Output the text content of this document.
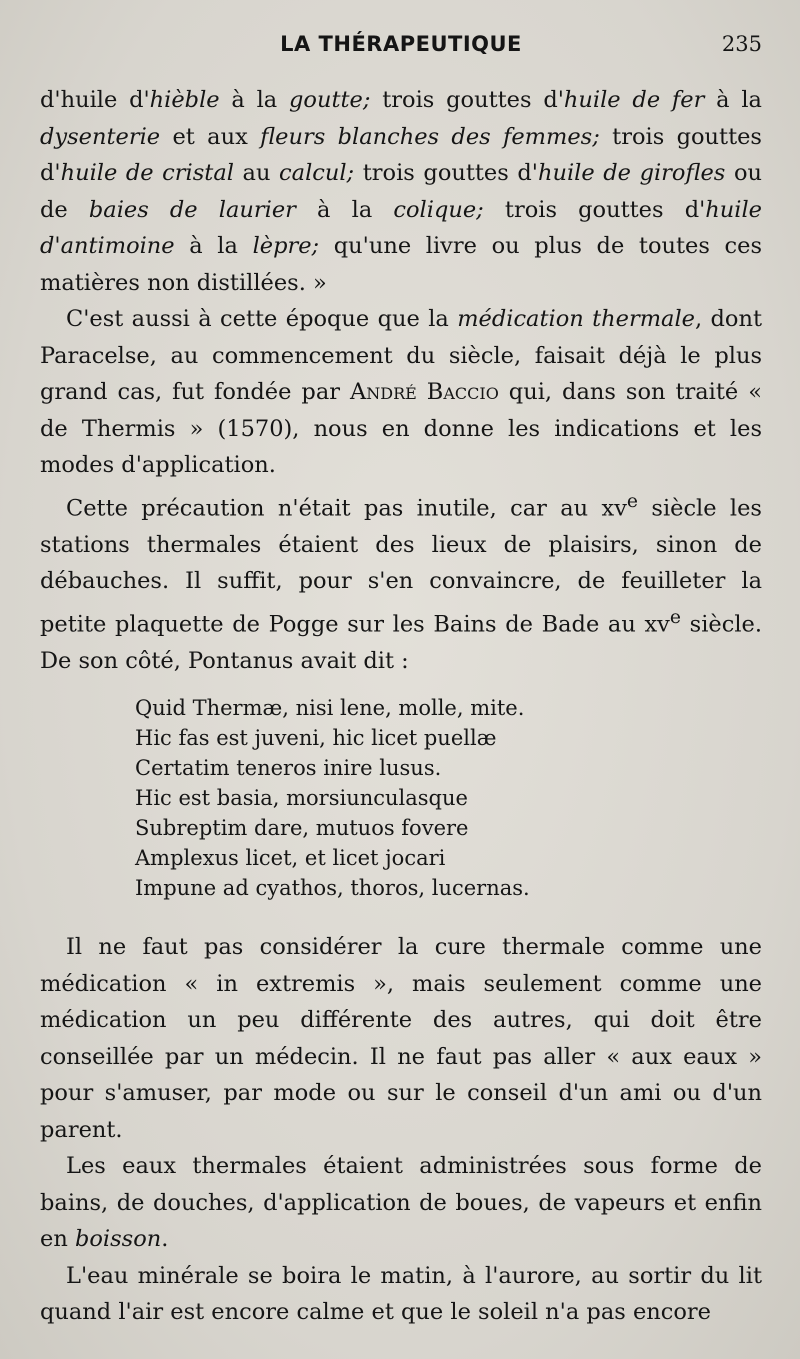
LA THÉRAPEUTIQUE	235

d'huile d'hièble à la goutte; trois gouttes d'huile de fer à la dysenterie et aux fleurs blanches des femmes; trois gouttes d'huile de cristal au calcul; trois gouttes d'huile de girofles ou de baies de laurier à la colique; trois gouttes d'huile d'antimoine à la lèpre; qu'une livre ou plus de toutes ces matières non distillées. »

C'est aussi à cette époque que la médication thermale, dont Paracelse, au commencement du siècle, faisait déjà le plus grand cas, fut fondée par André Baccio qui, dans son traité « de Thermis » (1570), nous en donne les indications et les modes d'application.

Cette précaution n'était pas inutile, car au $xv^e$ siècle les stations thermales étaient des lieux de plaisirs, sinon de débauches. Il suffit, pour s'en convaincre, de feuilleter la petite plaquette de Pogge sur les Bains de Bade au $xv^e$ siècle. De son côté, Pontanus avait dit :

Quid Thermæ, nisi lene, molle, mite.
Hic fas est juveni, hic licet puellæ
Certatim teneros inire lusus.
Hic est basia, morsiunculasque
Subreptim dare, mutuos fovere
Amplexus licet, et licet jocari
Impune ad cyathos, thoros, lucernas.

Il ne faut pas considérer la cure thermale comme une médication « in extremis », mais seulement comme une médication un peu différente des autres, qui doit être conseillée par un médecin. Il ne faut pas aller « aux eaux » pour s'amuser, par mode ou sur le conseil d'un ami ou d'un parent.

Les eaux thermales étaient administrées sous forme de bains, de douches, d'application de boues, de vapeurs et enfin en boisson.

L'eau minérale se boira le matin, à l'aurore, au sortir du lit quand l'air est encore calme et que le soleil n'a pas encore
